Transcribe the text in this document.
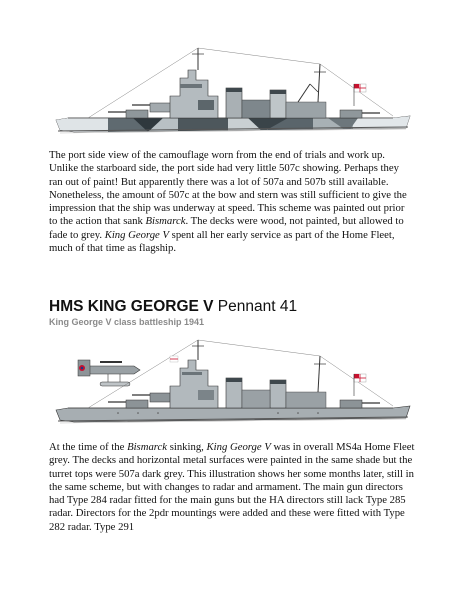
The port side view of the camouflage worn from the end of trials and work up. Unlike the starboard side, the port side had very little 507c showing. Perhaps they ran out of paint! But apparently there was a lot of 507a and 507b still available. Nonetheless, the amount of 507c at the bow and stern was still sufficient to give the impression that the ship was underway at speed. This scheme was painted out prior to the action that sank Bismarck. The decks were wood, not painted, but allowed to fade to grey. King George V spent all her early service as part of the Home Fleet, much of that time as flagship.

HMS KING GEORGE V Pennant 41
King George V class battleship 1941

At the time of the Bismarck sinking, King George V was in overall MS4a Home Fleet grey. The decks and horizontal metal surfaces were painted in the same shade but the turret tops were 507a dark grey. This illustration shows her some months later, still in the same scheme, but with changes to radar and armament. The main gun directors had Type 284 radar fitted for the main guns but the HA directors still lack Type 285 radar. Directors for the 2pdr mountings were added and these were fitted with Type 282 radar. Type 291
